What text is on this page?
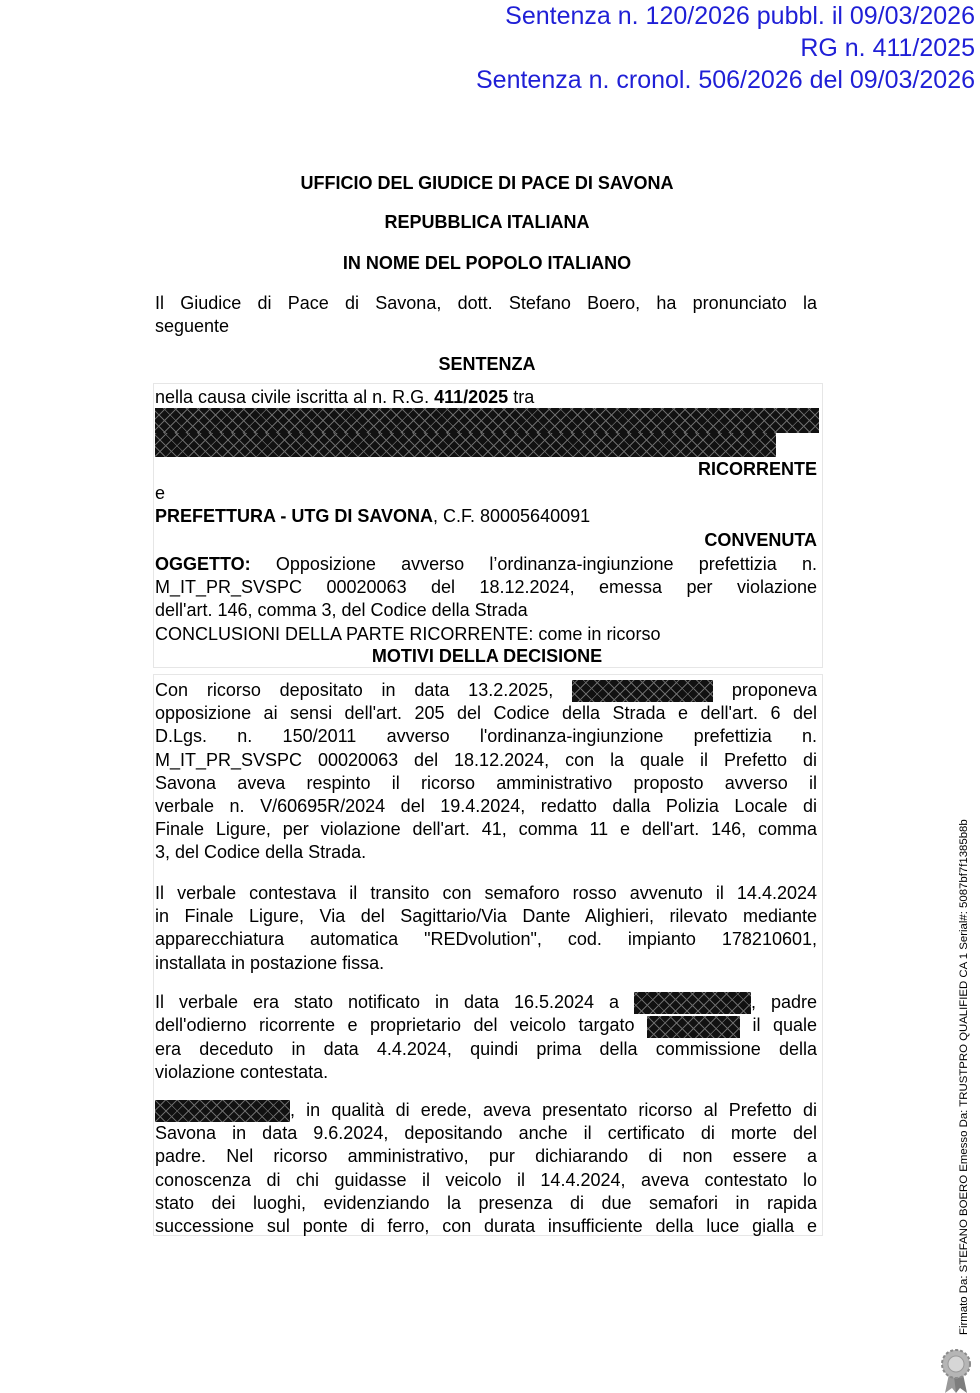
Sentenza n. 120/2026 pubbl. il 09/03/2026
RG n. 411/2025
Sentenza n. cronol. 506/2026 del 09/03/2026
UFFICIO DEL GIUDICE DI PACE DI SAVONA
REPUBBLICA ITALIANA
IN NOME DEL POPOLO ITALIANO
Il Giudice di Pace di Savona, dott. Stefano Boero, ha pronunciato la
seguente
SENTENZA
nella causa civile iscritta al n. R.G. 411/2025 tra
RICORRENTE
e
PREFETTURA - UTG DI SAVONA, C.F. 80005640091
CONVENUTA
OGGETTO: Opposizione avverso l’ordinanza-ingiunzione prefettizia n.
M_IT_PR_SVSPC 00020063 del 18.12.2024, emessa per violazione
dell'art. 146, comma 3, del Codice della Strada
CONCLUSIONI DELLA PARTE RICORRENTE: come in ricorso
MOTIVI DELLA DECISIONE
Con ricorso depositato in data 13.2.2025,	proponeva
opposizione ai sensi dell'art. 205 del Codice della Strada e dell'art. 6 del
D.Lgs. n. 150/2011 avverso l'ordinanza-ingiunzione prefettizia n.
M_IT_PR_SVSPC 00020063 del 18.12.2024, con la quale il Prefetto di
Savona aveva respinto il ricorso amministrativo proposto avverso il
verbale n. V/60695R/2024 del 19.4.2024, redatto dalla Polizia Locale di
Finale Ligure, per violazione dell'art. 41, comma 11 e dell'art. 146, comma
3, del Codice della Strada.
Il verbale contestava il transito con semaforo rosso avvenuto il 14.4.2024
in Finale Ligure, Via del Sagittario/Via Dante Alighieri, rilevato mediante
apparecchiatura automatica "REDvolution", cod. impianto 178210601,
installata in postazione fissa.
Il verbale era stato notificato in data 16.5.2024 a	, padre
dell'odierno ricorrente e proprietario del veicolo targato	il quale
era deceduto in data 4.4.2024, quindi prima della commissione della
violazione contestata.
, in qualità di erede, aveva presentato ricorso al Prefetto di
Savona in data 9.6.2024, depositando anche il certificato di morte del
padre. Nel ricorso amministrativo, pur dichiarando di non essere a
conoscenza di chi guidasse il veicolo il 14.4.2024, aveva contestato lo
stato dei luoghi, evidenziando la presenza di due semafori in rapida
successione sul ponte di ferro, con durata insufficiente della luce gialla e	Firmato Da: STEFANO BOERO Emesso Da: TRUSTPRO QUALIFIED CA 1 Serial#: 5087bf7f1385b8b
